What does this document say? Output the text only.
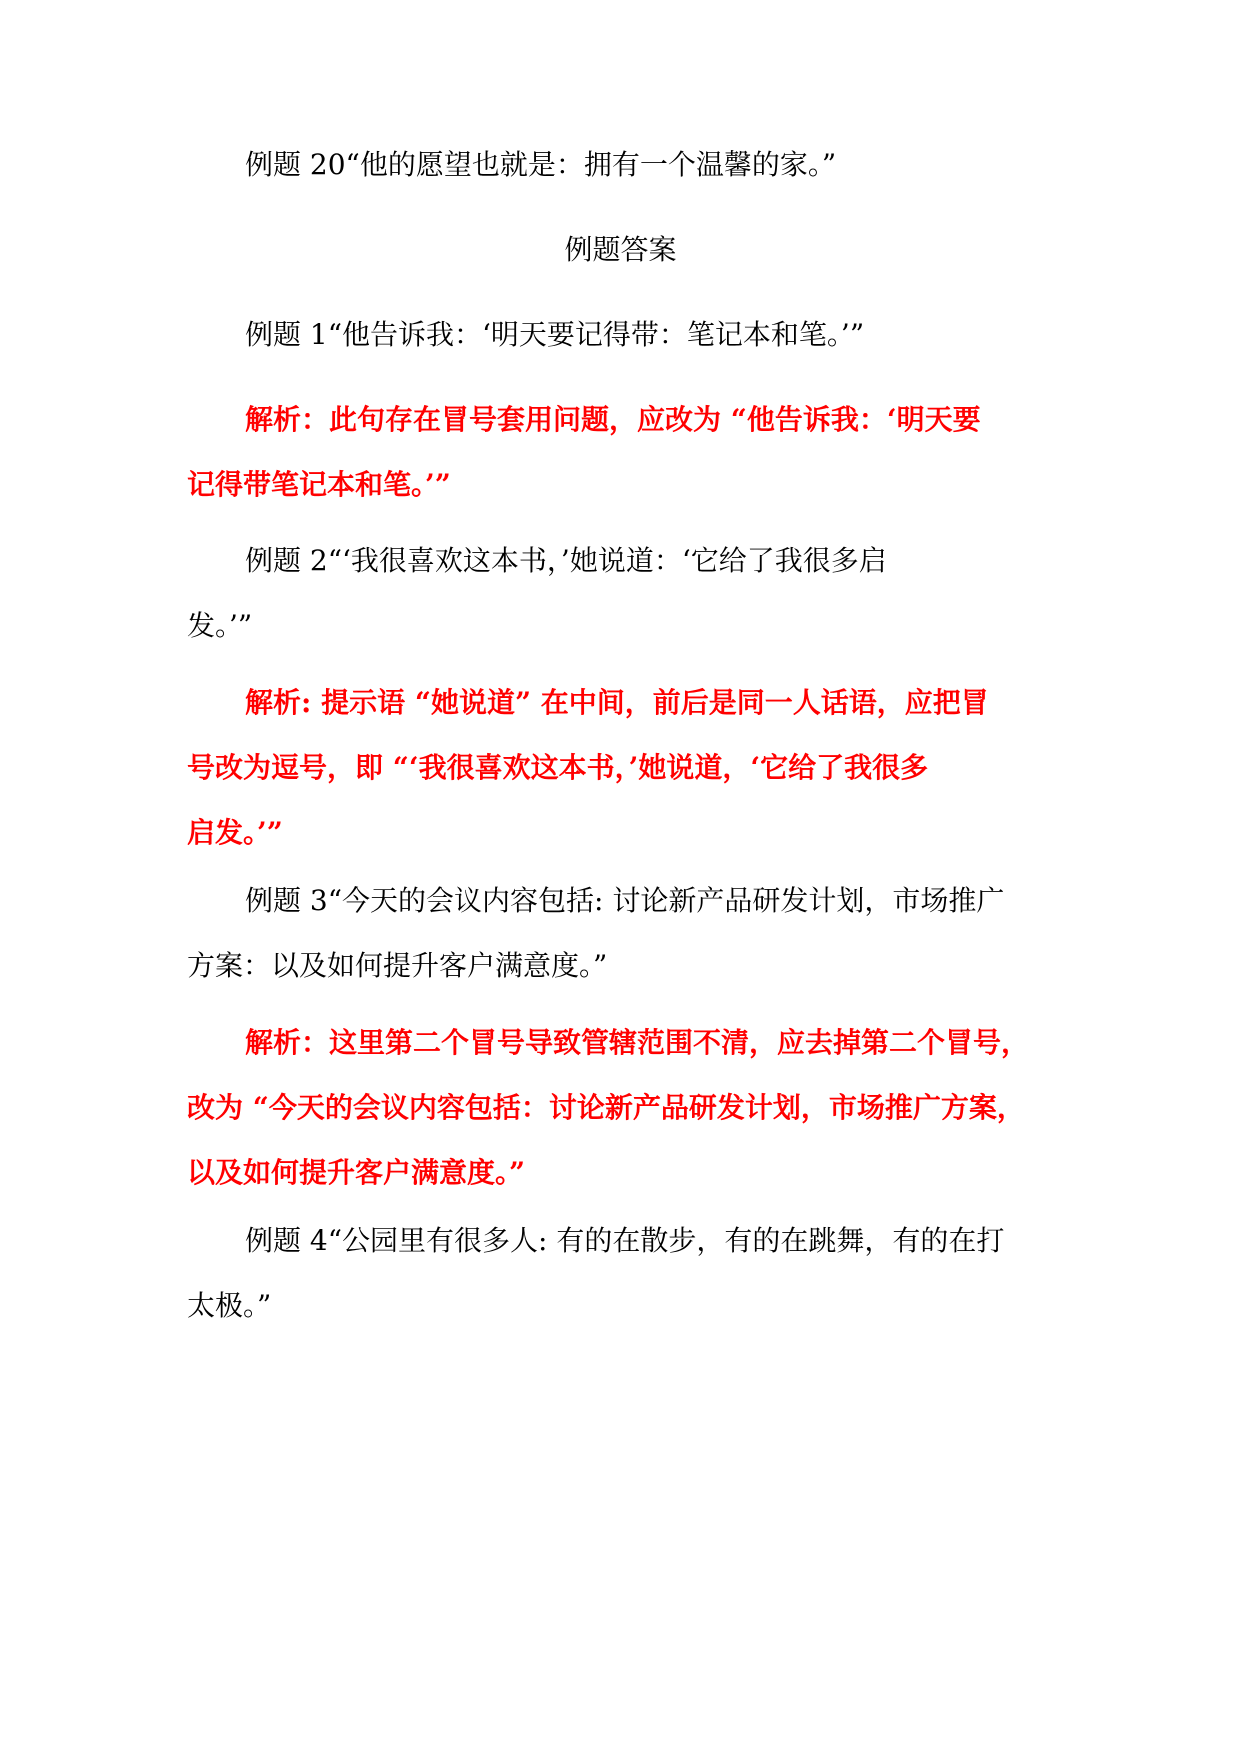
例题 20“他的愿望也就是：拥有一个温馨的家。”

例题答案

例题 1“他告诉我：‘明天要记得带：笔记本和笔。’”

解析：此句存在冒号套用问题，应改为 “他告诉我：‘明天要
记得带笔记本和笔。’”

例题 2“‘我很喜欢这本书，’她说道：‘它给了我很多启
发。’”

解析: 提示语 “她说道” 在中间，前后是同一人话语，应把冒
号改为逗号，即 “‘我很喜欢这本书，’她说道，‘它给了我很多
启发。’”

例题 3“今天的会议内容包括: 讨论新产品研发计划，市场推广
方案：以及如何提升客户满意度。”

解析：这里第二个冒号导致管辖范围不清，应去掉第二个冒号，
改为 “今天的会议内容包括：讨论新产品研发计划，市场推广方案，
以及如何提升客户满意度。”

例题 4“公园里有很多人: 有的在散步，有的在跳舞，有的在打
太极。”
